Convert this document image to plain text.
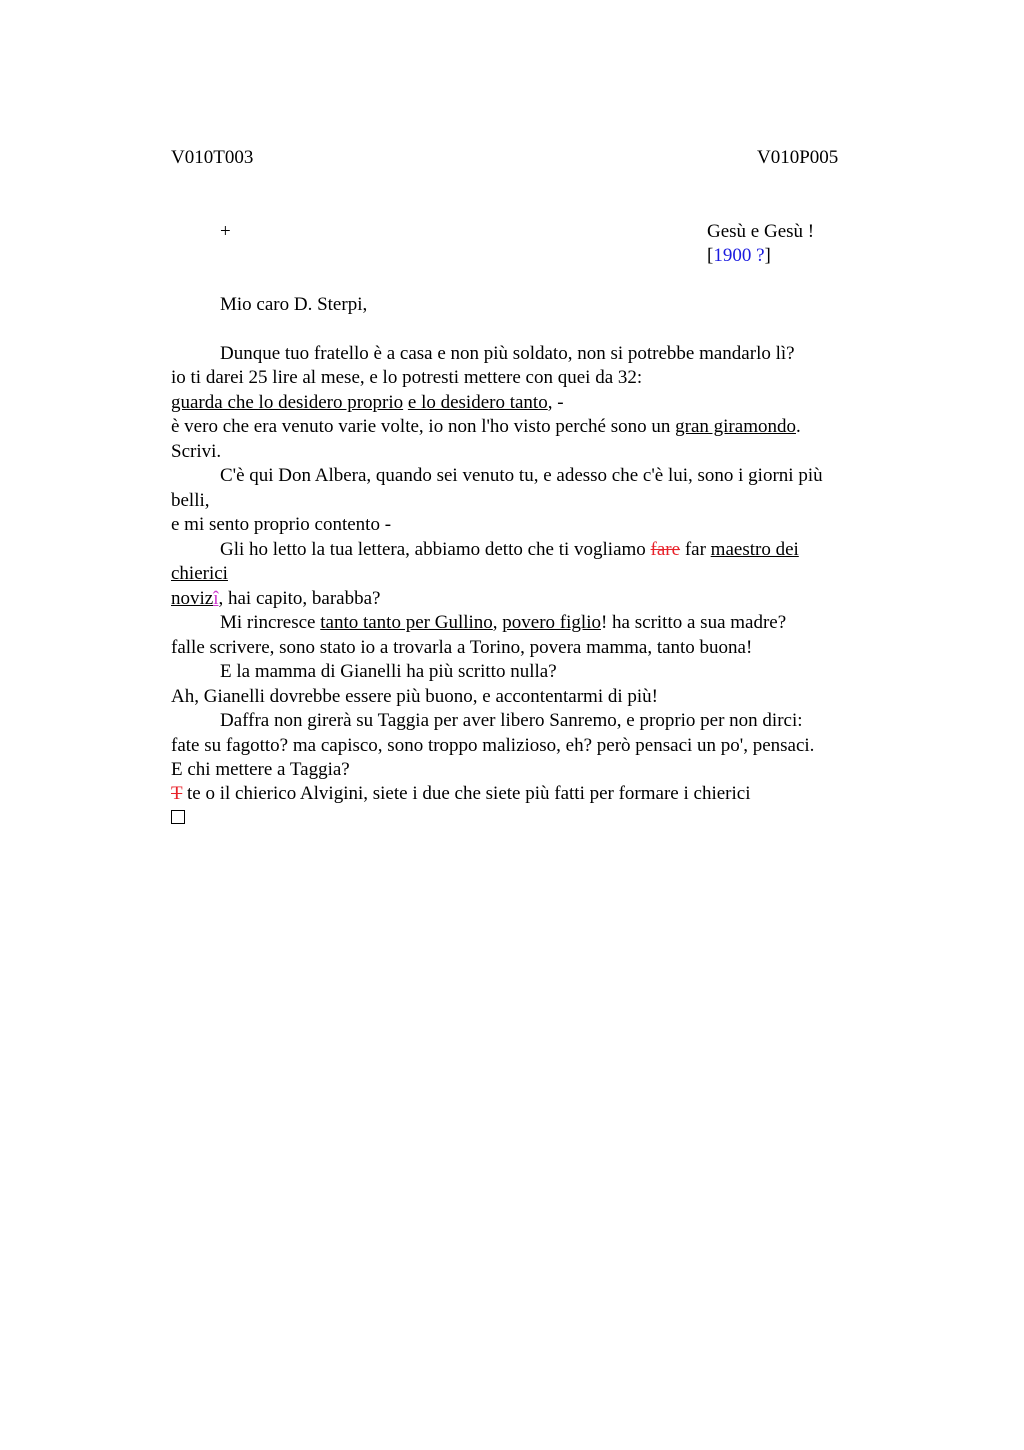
V010T003	V010P005
+	Gesù e Gesù !
[1900 ?]
Mio caro D. Sterpi,
Dunque tuo fratello è a casa e non più soldato, non si potrebbe mandarlo lì?
io ti darei 25 lire al mese, e lo potresti mettere con quei da 32:
guarda che lo desidero proprio e lo desidero tanto, -
è vero che era venuto varie volte, io non l'ho visto perché sono un gran giramondo.
Scrivi.
C'è qui Don Albera, quando sei venuto tu, e adesso che c'è lui, sono i giorni più
belli,
e mi sento proprio contento -
Gli ho letto la tua lettera, abbiamo detto che ti vogliamo fare far maestro dei
chierici
novizî, hai capito, barabba?
Mi rincresce tanto tanto per Gullino, povero figlio! ha scritto a sua madre?
falle scrivere, sono stato io a trovarla a Torino, povera mamma, tanto buona!
E la mamma di Gianelli ha più scritto nulla?
Ah, Gianelli dovrebbe essere più buono, e accontentarmi di più!
Daffra non girerà su Taggia per aver libero Sanremo, e proprio per non dirci:
fate su fagotto? ma capisco, sono troppo malizioso, eh? però pensaci un po', pensaci.
E chi mettere a Taggia?
T te o il chierico Alvigini, siete i due che siete più fatti per formare i chierici
